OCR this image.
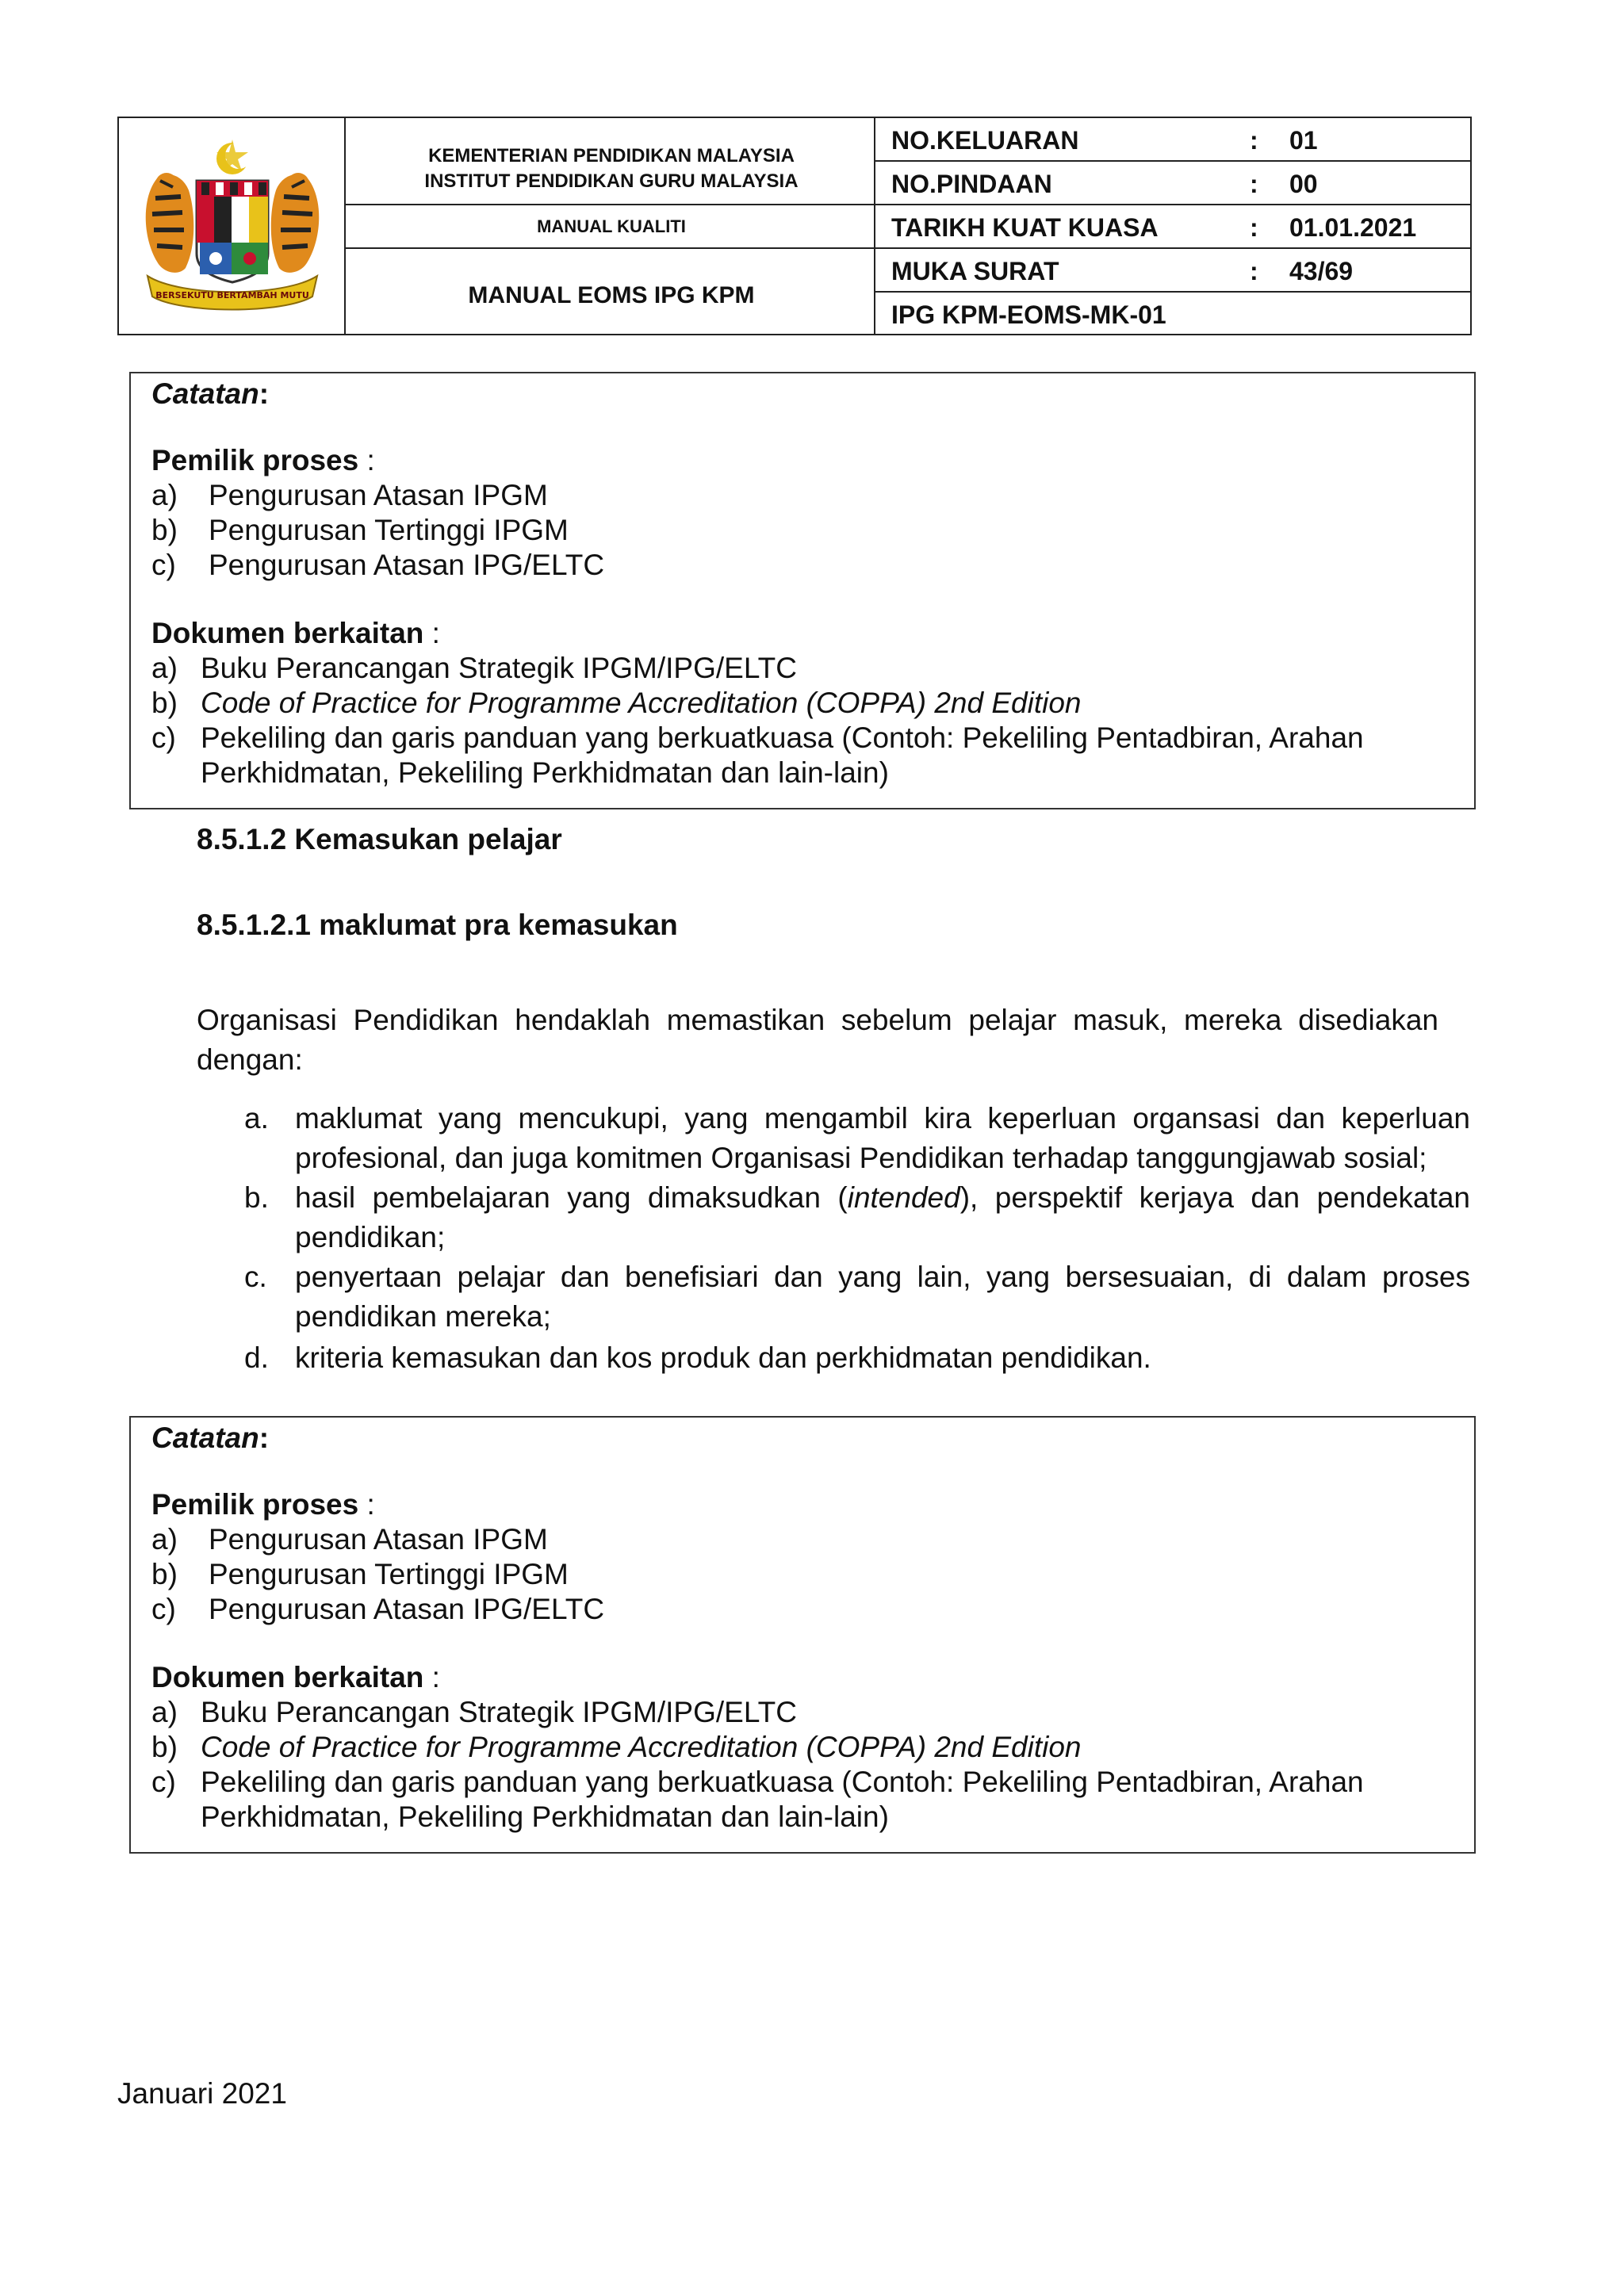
BERSEKUTU BERTAMBAH MUTU
KEMENTERIAN PENDIDIKAN MALAYSIA
INSTITUT PENDIDIKAN GURU MALAYSIA
MANUAL KUALITI
MANUAL EOMS IPG KPM
NO.KELUARAN	: 01
NO.PINDAAN	: 00
TARIKH KUAT KUASA	: 01.01.2021
MUKA SURAT	: 43/69
IPG KPM-EOMS-MK-01
Catatan:
Pemilik proses :
a) Pengurusan Atasan IPGM
b) Pengurusan Tertinggi IPGM
c) Pengurusan Atasan IPG/ELTC
Dokumen berkaitan :
a) Buku Perancangan Strategik IPGM/IPG/ELTC
b) Code of Practice for Programme Accreditation (COPPA) 2nd Edition
c) Pekeliling dan garis panduan yang berkuatkuasa (Contoh: Pekeliling Pentadbiran, Arahan
Perkhidmatan, Pekeliling Perkhidmatan dan lain-lain)
8.5.1.2 Kemasukan pelajar
8.5.1.2.1 maklumat pra kemasukan
Organisasi Pendidikan hendaklah memastikan sebelum pelajar masuk, mereka disediakan
dengan:
a. maklumat yang mencukupi, yang mengambil kira keperluan organsasi dan keperluan
profesional, dan juga komitmen Organisasi Pendidikan terhadap tanggungjawab sosial;
b. hasil pembelajaran yang dimaksudkan (intended), perspektif kerjaya dan pendekatan
pendidikan;
c. penyertaan pelajar dan benefisiari dan yang lain, yang bersesuaian, di dalam proses
pendidikan mereka;
d. kriteria kemasukan dan kos produk dan perkhidmatan pendidikan.
Catatan:
Pemilik proses :
a) Pengurusan Atasan IPGM
b) Pengurusan Tertinggi IPGM
c) Pengurusan Atasan IPG/ELTC
Dokumen berkaitan :
a) Buku Perancangan Strategik IPGM/IPG/ELTC
b) Code of Practice for Programme Accreditation (COPPA) 2nd Edition
c) Pekeliling dan garis panduan yang berkuatkuasa (Contoh: Pekeliling Pentadbiran, Arahan
Perkhidmatan, Pekeliling Perkhidmatan dan lain-lain)
Januari 2021
